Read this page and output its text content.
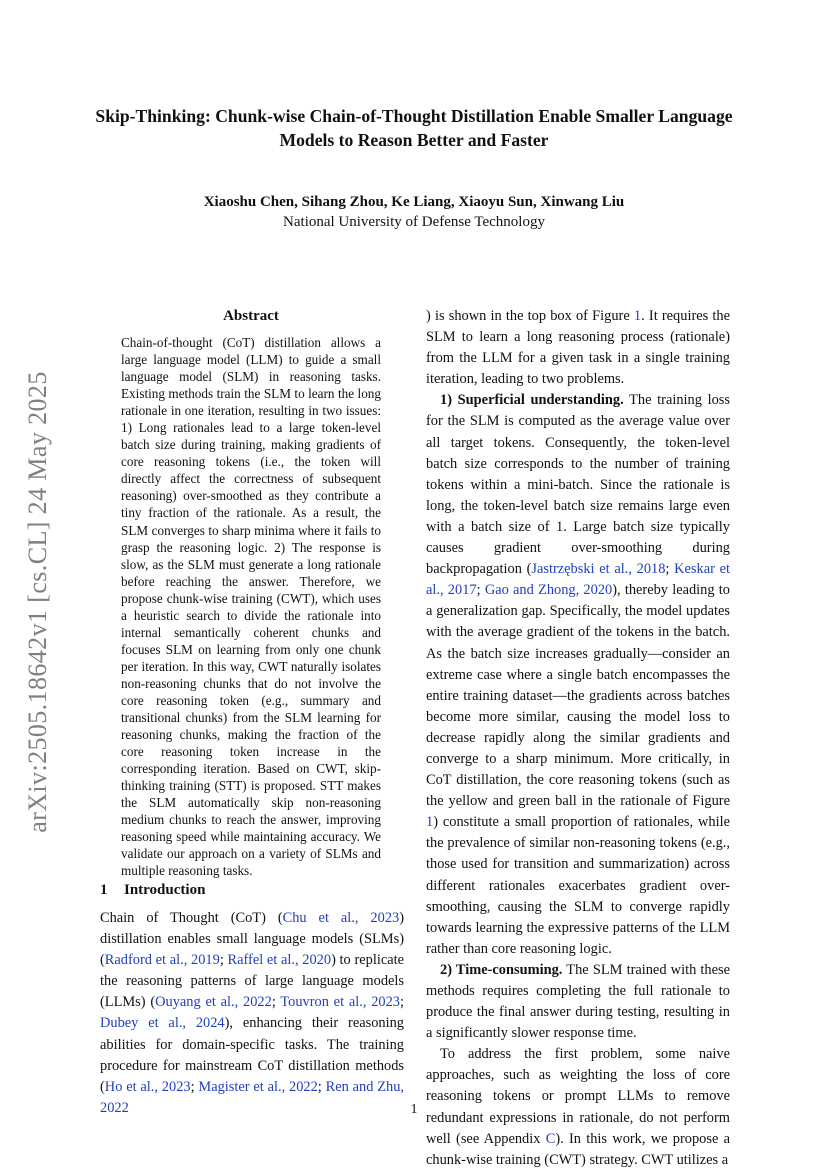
arXiv:2505.18642v1 [cs.CL] 24 May 2025
Skip-Thinking: Chunk-wise Chain-of-Thought Distillation Enable Smaller Language Models to Reason Better and Faster

Xiaoshu Chen, Sihang Zhou, Ke Liang, Xiaoyu Sun, Xinwang Liu

National University of Defense Technology

Abstract

Chain-of-thought (CoT) distillation allows a large language model (LLM) to guide a small language model (SLM) in reasoning tasks. Existing methods train the SLM to learn the long rationale in one iteration, resulting in two issues: 1) Long rationales lead to a large token-level batch size during training, making gradients of core reasoning tokens (i.e., the token will directly affect the correctness of subsequent reasoning) over-smoothed as they contribute a tiny fraction of the rationale. As a result, the SLM converges to sharp minima where it fails to grasp the reasoning logic. 2) The response is slow, as the SLM must generate a long rationale before reaching the answer. Therefore, we propose chunk-wise training (CWT), which uses a heuristic search to divide the rationale into internal semantically coherent chunks and focuses SLM on learning from only one chunk per iteration. In this way, CWT naturally isolates non-reasoning chunks that do not involve the core reasoning token (e.g., summary and transitional chunks) from the SLM learning for reasoning chunks, making the fraction of the core reasoning token increase in the corresponding iteration. Based on CWT, skip-thinking training (STT) is proposed. STT makes the SLM automatically skip non-reasoning medium chunks to reach the answer, improving reasoning speed while maintaining accuracy. We validate our approach on a variety of SLMs and multiple reasoning tasks.

1 Introduction

Chain of Thought (CoT) (Chu et al., 2023) distillation enables small language models (SLMs) (Radford et al., 2019; Raffel et al., 2020) to replicate the reasoning patterns of large language models (LLMs) (Ouyang et al., 2022; Touvron et al., 2023; Dubey et al., 2024), enhancing their reasoning abilities for domain-specific tasks. The training procedure for mainstream CoT distillation methods (Ho et al., 2023; Magister et al., 2022; Ren and Zhu, 2022

) is shown in the top box of Figure 1. It requires the SLM to learn a long reasoning process (rationale) from the LLM for a given task in a single training iteration, leading to two problems.

1) Superficial understanding. The training loss for the SLM is computed as the average value over all target tokens. Consequently, the token-level batch size corresponds to the number of training tokens within a mini-batch. Since the rationale is long, the token-level batch size remains large even with a batch size of 1. Large batch size typically causes gradient over-smoothing during backpropagation (Jastrzębski et al., 2018; Keskar et al., 2017; Gao and Zhong, 2020), thereby leading to a generalization gap. Specifically, the model updates with the average gradient of the tokens in the batch. As the batch size increases gradually—consider an extreme case where a single batch encompasses the entire training dataset—the gradients across batches become more similar, causing the model loss to decrease rapidly along the similar gradients and converge to a sharp minimum. More critically, in CoT distillation, the core reasoning tokens (such as the yellow and green ball in the rationale of Figure 1) constitute a small proportion of rationales, while the prevalence of similar non-reasoning tokens (e.g., those used for transition and summarization) across different rationales exacerbates gradient over-smoothing, causing the SLM to converge rapidly towards learning the expressive patterns of the LLM rather than core reasoning logic.

2) Time-consuming. The SLM trained with these methods requires completing the full rationale to produce the final answer during testing, resulting in a significantly slower response time.

To address the first problem, some naive approaches, such as weighting the loss of core reasoning tokens or prompt LLMs to remove redundant expressions in rationale, do not perform well (see Appendix C). In this work, we propose a chunk-wise training (CWT) strategy. CWT utilizes a

1
